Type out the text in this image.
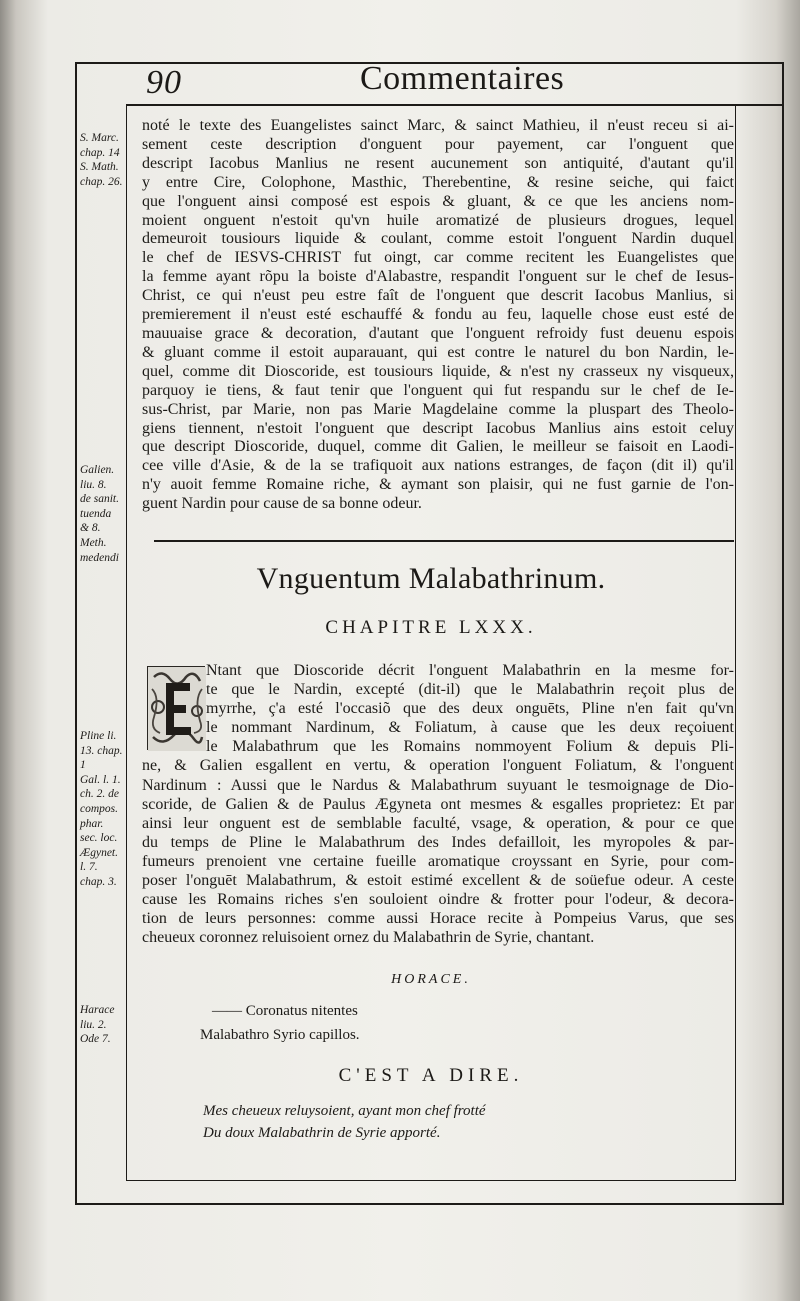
90	Commentaires
S. Marc.
chap. 14
S. Math.
chap. 26.
Galien.
liu. 8.
de sanit.
tuenda
& 8.
Meth.
medendi
Pline li.
13. chap. 1
Gal. l. 1.
ch. 2. de
compos.
phar.
sec. loc.
Ægynet.
l. 7.
chap. 3.
Harace
liu. 2.
Ode 7.
noté le texte des Euangelistes sainct Marc, & sainct Mathieu, il n'eust receu si ai-
sement ceste description d'onguent pour payement, car l'onguent que
descript Iacobus Manlius ne resent aucunement son antiquité, d'autant qu'il
y entre Cire, Colophone, Masthic, Therebentine, & resine seiche, qui faict
que l'onguent ainsi composé est espois & gluant, & ce que les anciens nom-
moient onguent n'estoit qu'vn huile aromatizé de plusieurs drogues, lequel
demeuroit tousiours liquide & coulant, comme estoit l'onguent Nardin duquel
le chef de IESVS-CHRIST fut oingt, car comme recitent les Euangelistes que
la femme ayant rõpu la boiste d'Alabastre, respandit l'onguent sur le chef de Iesus-
Christ, ce qui n'eust peu estre faît de l'onguent que descrit Iacobus Manlius, si
premierement il n'eust esté eschauffé & fondu au feu, laquelle chose eust esté de
mauuaise grace & decoration, d'autant que l'onguent refroidy fust deuenu espois
& gluant comme il estoit auparauant, qui est contre le naturel du bon Nardin, le-
quel, comme dit Dioscoride, est tousiours liquide, & n'est ny crasseux ny visqueux,
parquoy ie tiens, & faut tenir que l'onguent qui fut respandu sur le chef de Ie-
sus-Christ, par Marie, non pas Marie Magdelaine comme la pluspart des Theolo-
giens tiennent, n'estoit l'onguent que descript Iacobus Manlius ains estoit celuy
que descript Dioscoride, duquel, comme dit Galien, le meilleur se faisoit en Laodi-
cee ville d'Asie, & de la se trafiquoit aux nations estranges, de façon (dit il) qu'il
n'y auoit femme Romaine riche, & aymant son plaisir, qui ne fust garnie de l'on-
guent Nardin pour cause de sa bonne odeur.
Vnguentum Malabathrinum.
CHAPITRE LXXX.
Ntant que Dioscoride décrit l'onguent Malabathrin en la mesme for-
te que le Nardin, excepté (dit-il) que le Malabathrin reçoit plus de
myrrhe, ç'a esté l'occasiõ que des deux onguēts, Pline n'en fait qu'vn
le nommant Nardinum, & Foliatum, à cause que les deux reçoiuent
le Malabathrum que les Romains nommoyent Folium & depuis Pli-
ne, & Galien esgallent en vertu, & operation l'onguent Foliatum, & l'onguent
Nardinum : Aussi que le Nardus & Malabathrum suyuant le tesmoignage de Dio-
scoride, de Galien & de Paulus Ægyneta ont mesmes & esgalles proprietez: Et par
ainsi leur onguent est de semblable faculté, vsage, & operation, & pour ce que
du temps de Pline le Malabathrum des Indes defailloit, les myropoles & par-
fumeurs prenoient vne certaine fueille aromatique croyssant en Syrie, pour com-
poser l'onguēt Malabathrum, & estoit estimé excellent & de soüefue odeur. A ceste
cause les Romains riches s'en souloient oindre & frotter pour l'odeur, & decora-
tion de leurs personnes: comme aussi Horace recite à Pompeius Varus, que ses
cheueux coronnez reluisoient ornez du Malabathrin de Syrie, chantant.
HORACE.
—— Coronatus nitentes
Malabathro Syrio capillos.
C'EST A DIRE.
Mes cheueux reluysoient, ayant mon chef frotté
Du doux Malabathrin de Syrie apporté.
